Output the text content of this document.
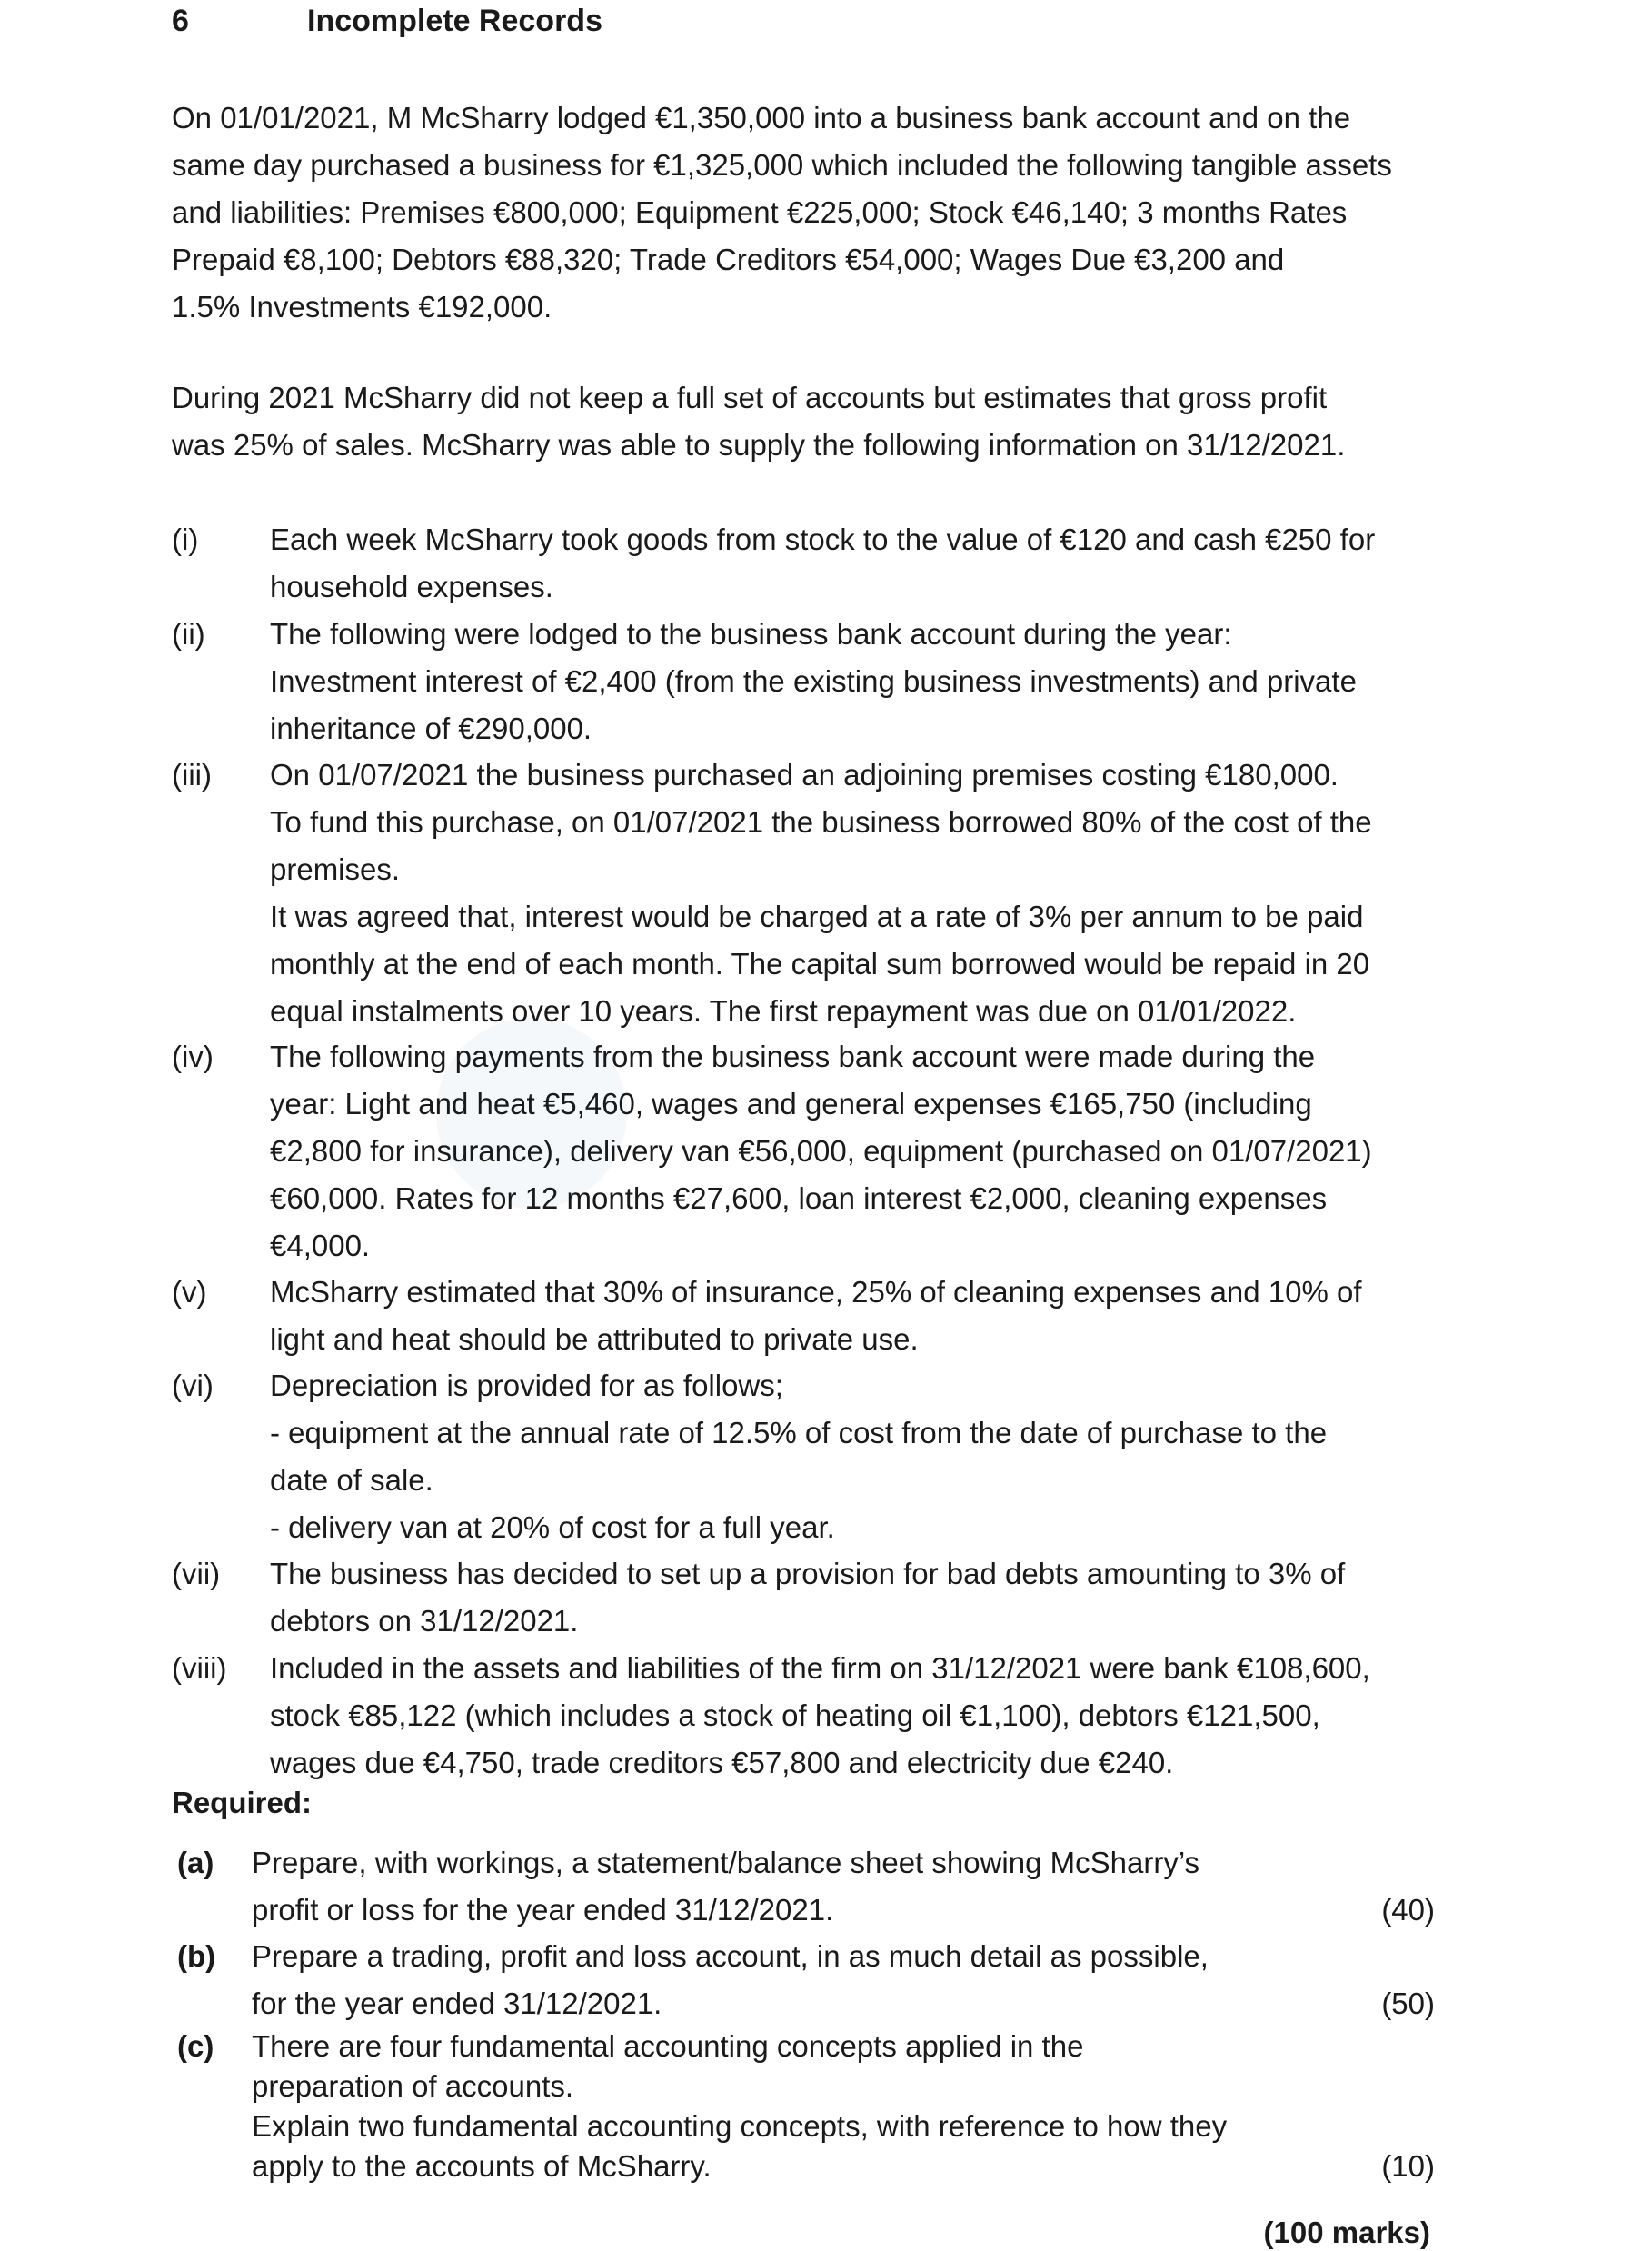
6	Incomplete Records
On 01/01/2021, M McSharry lodged €1,350,000 into a business bank account and on the
same day purchased a business for €1,325,000 which included the following tangible assets
and liabilities: Premises €800,000; Equipment €225,000; Stock €46,140; 3 months Rates
Prepaid €8,100; Debtors €88,320; Trade Creditors €54,000; Wages Due €3,200 and
1.5% Investments €192,000.
During 2021 McSharry did not keep a full set of accounts but estimates that gross profit
was 25% of sales. McSharry was able to supply the following information on 31/12/2021.
(i) Each week McSharry took goods from stock to the value of €120 and cash €250 for

household expenses.

(ii) The following were lodged to the business bank account during the year:

Investment interest of €2,400 (from the existing business investments) and private

inheritance of €290,000.

(iii) On 01/07/2021 the business purchased an adjoining premises costing €180,000.

To fund this purchase, on 01/07/2021 the business borrowed 80% of the cost of the

premises.

It was agreed that, interest would be charged at a rate of 3% per annum to be paid

monthly at the end of each month. The capital sum borrowed would be repaid in 20

equal instalments over 10 years. The first repayment was due on 01/01/2022.

(iv) The following payments from the business bank account were made during the

year: Light and heat €5,460, wages and general expenses €165,750 (including

€2,800 for insurance), delivery van €56,000, equipment (purchased on 01/07/2021)

€60,000. Rates for 12 months €27,600, loan interest €2,000, cleaning expenses

€4,000.

(v) McSharry estimated that 30% of insurance, 25% of cleaning expenses and 10% of

light and heat should be attributed to private use.

(vi) Depreciation is provided for as follows;

- equipment at the annual rate of 12.5% of cost from the date of purchase to the

date of sale.

- delivery van at 20% of cost for a full year.

(vii) The business has decided to set up a provision for bad debts amounting to 3% of

debtors on 31/12/2021.

(viii) Included in the assets and liabilities of the firm on 31/12/2021 were bank €108,600,

stock €85,122 (which includes a stock of heating oil €1,100), debtors €121,500,

wages due €4,750, trade creditors €57,800 and electricity due €240.

Required:
(a) Prepare, with workings, a statement/balance sheet showing McSharry’s

profit or loss for the year ended 31/12/2021.	(40)
(b) Prepare a trading, profit and loss account, in as much detail as possible,

for the year ended 31/12/2021.	(50)
(c) There are four fundamental accounting concepts applied in the

preparation of accounts.

Explain two fundamental accounting concepts, with reference to how they

apply to the accounts of McSharry.	(10)
(100 marks)
